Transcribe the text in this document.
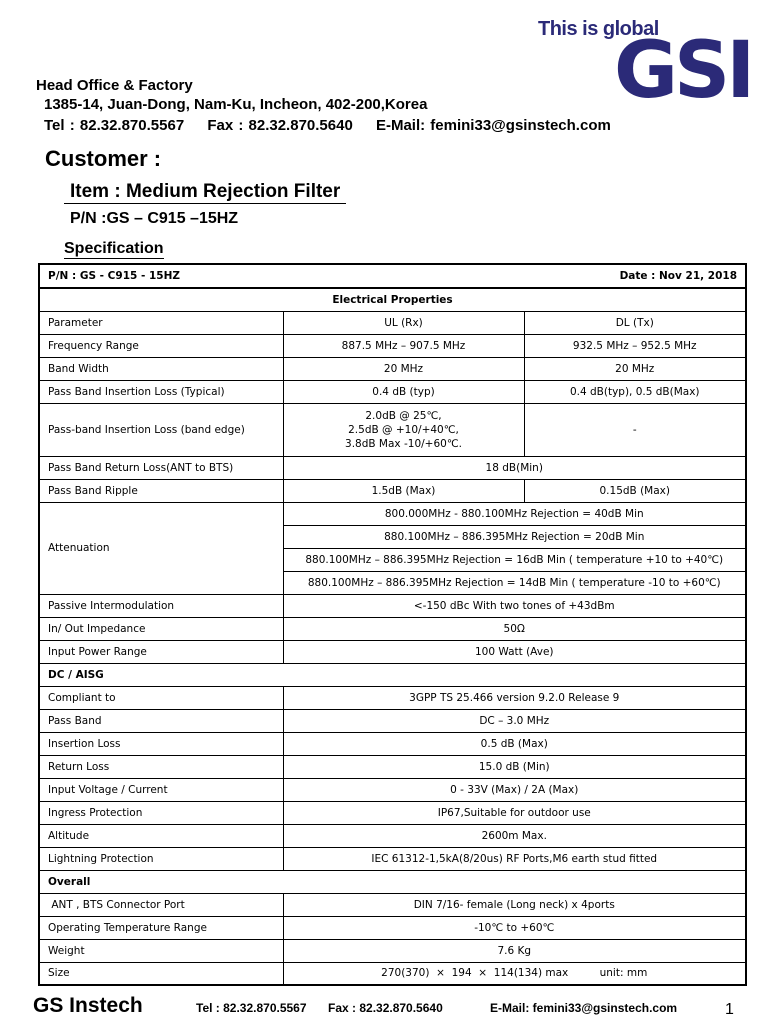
This is global
GSI
Head Office & Factory
1385-14, Juan-Dong, Nam-Ku, Incheon, 402-200,Korea
Tel : 82.32.870.5567 Fax : 82.32.870.5640 E-Mail: femini33@gsinstech.com
Customer :
Item : Medium Rejection Filter
P/N :GS – C915 –15HZ
Specification
P/N : GS - C915 - 15HZ Date : Nov 21, 2018		

Electrical Properties		
Parameter	UL (Rx)	DL (Tx)
Frequency Range	887.5 MHz – 907.5 MHz	932.5 MHz – 952.5 MHz
Band Width	20 MHz	20 MHz
Pass Band Insertion Loss (Typical)	0.4 dB (typ)	0.4 dB(typ), 0.5 dB(Max)
Pass-band Insertion Loss (band edge)	2.0dB @ 25℃,
2.5dB @ +10/+40℃,
3.8dB Max -10/+60℃.	-
Pass Band Return Loss(ANT to BTS)	18 dB(Min)	
Pass Band Ripple	1.5dB (Max)	0.15dB (Max)
Attenuation	800.000MHz - 880.100MHz Rejection = 40dB Min	
	880.100MHz – 886.395MHz Rejection = 20dB Min	
	880.100MHz – 886.395MHz Rejection = 16dB Min ( temperature +10 to +40℃)	
	880.100MHz – 886.395MHz Rejection = 14dB Min ( temperature -10 to +60℃)	
Passive Intermodulation	<-150 dBc With two tones of +43dBm	
In/ Out Impedance	50Ω	
Input Power Range	100 Watt (Ave)	
DC / AISG		
Compliant to	3GPP TS 25.466 version 9.2.0 Release 9	
Pass Band	DC – 3.0 MHz	
Insertion Loss	0.5 dB (Max)	
Return Loss	15.0 dB (Min)	
Input Voltage / Current	0 - 33V (Max) / 2A (Max)	
Ingress Protection	IP67,Suitable for outdoor use	
Altitude	2600m Max.	
Lightning Protection	IEC 61312-1,5kA(8/20us) RF Ports,M6 earth stud fitted	
Overall		
ANT , BTS Connector Port	DIN 7/16- female (Long neck) x 4ports	
Operating Temperature Range	-10℃ to +60℃	
Weight	7.6 Kg	
Size	270(370)  ×  194  ×  114(134) max unit: mm	
GS Instech	Tel : 82.32.870.5567 Fax : 82.32.870.5640	E-Mail: femini33@gsinstech.com	1
